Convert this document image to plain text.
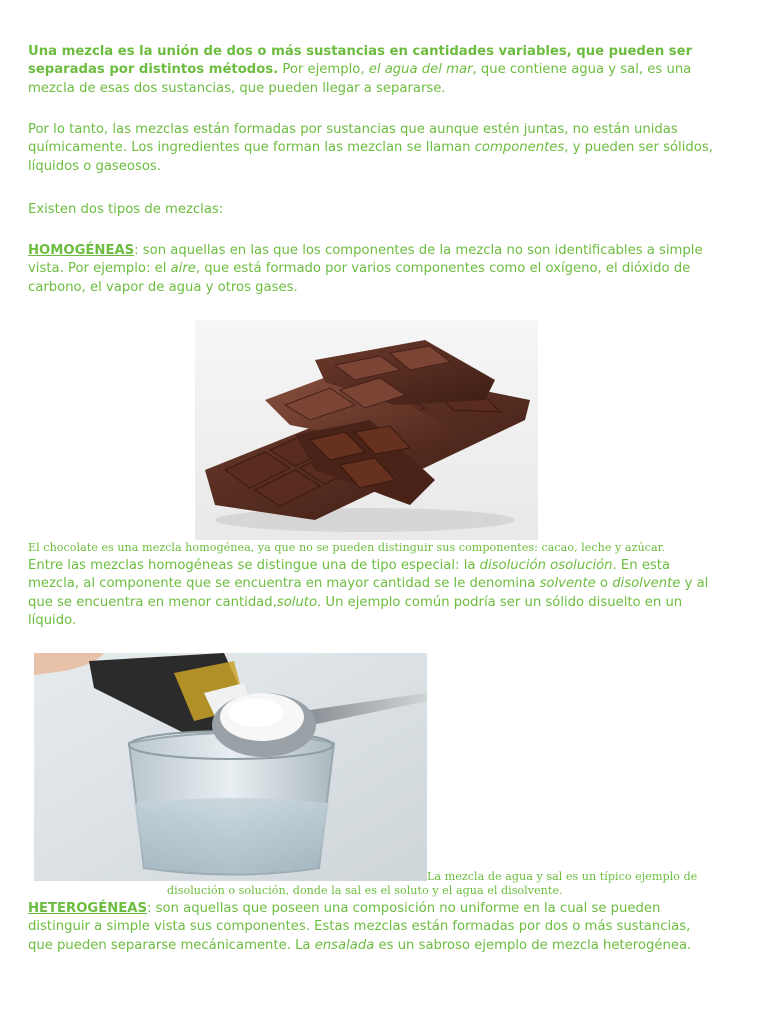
Una mezcla es la unión de dos o más sustancias en cantidades variables, que pueden ser separadas por distintos métodos. Por ejemplo, el agua del mar, que contiene agua y sal, es una mezcla de esas dos sustancias, que pueden llegar a separarse.

Por lo tanto, las mezclas están formadas por sustancias que aunque estén juntas, no están unidas químicamente. Los ingredientes que forman las mezclan se llaman componentes, y pueden ser sólidos, líquidos o gaseosos.

Existen dos tipos de mezclas:

HOMOGÉNEAS: son aquellas en las que los componentes de la mezcla no son identificables a simple vista. Por ejemplo: el aire, que está formado por varios componentes como el oxígeno, el dióxido de carbono, el vapor de agua y otros gases.

El chocolate es una mezcla homogénea, ya que no se pueden distinguir sus componentes: cacao, leche y azúcar.

Entre las mezclas homogéneas se distingue una de tipo especial: la disolución osolución. En esta mezcla, al componente que se encuentra en mayor cantidad se le denomina solvente o disolvente y al que se encuentra en menor cantidad,soluto. Un ejemplo común podría ser un sólido disuelto en un líquido.

La mezcla de agua y sal es un típico ejemplo de

disolución o solución, donde la sal es el soluto y el agua el disolvente.

HETEROGÉNEAS: son aquellas que poseen una composición no uniforme en la cual se pueden distinguir a simple vista sus componentes. Estas mezclas están formadas por dos o más sustancias, que pueden separarse mecánicamente. La ensalada es un sabroso ejemplo de mezcla heterogénea.
